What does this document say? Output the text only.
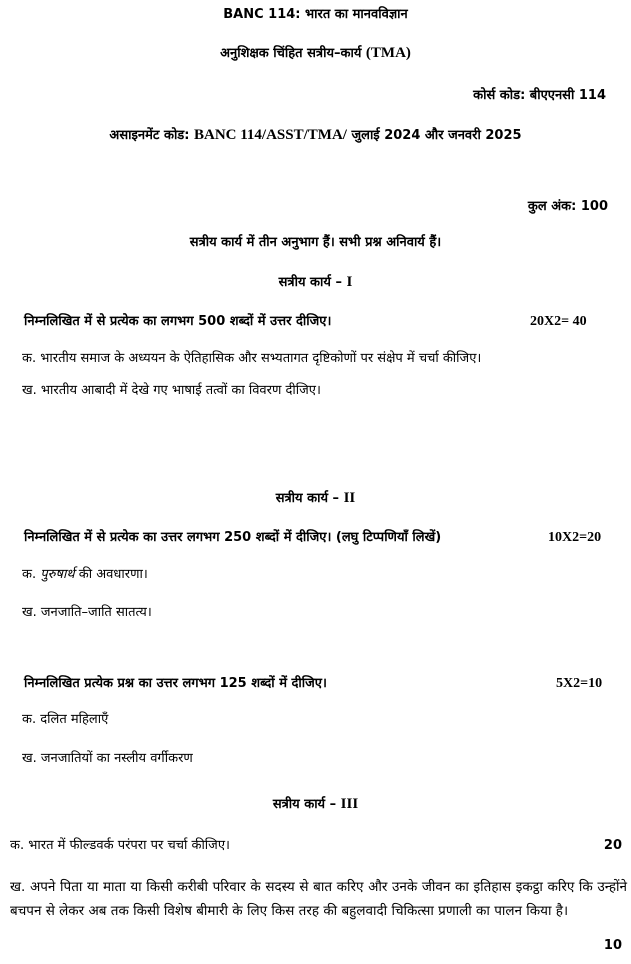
BANC 114: भारत का मानवविज्ञान
अनुशिक्षक चिंहित सत्रीय–कार्य (TMA)
कोर्स कोड: बीएएनसी 114
असाइनमेंट कोड: BANC 114/ASST/TMA/ जुलाई 2024 और जनवरी 2025
कुल अंक: 100
सत्रीय कार्य में तीन अनुभाग हैं। सभी प्रश्न अनिवार्य हैं।
सत्रीय कार्य – I
निम्नलिखित में से प्रत्येक का लगभग 500 शब्दों में उत्तर दीजिए।	20X2= 40
क. भारतीय समाज के अध्ययन के ऐतिहासिक और सभ्यतागत दृष्टिकोणों पर संक्षेप में चर्चा कीजिए।
ख. भारतीय आबादी में देखे गए भाषाई तत्वों का विवरण दीजिए।
सत्रीय कार्य – II
निम्नलिखित में से प्रत्येक का उत्तर लगभग 250 शब्दों में दीजिए। (लघु टिप्पणियाँ लिखें)	10X2=20
क. पुरुषार्थ की अवधारणा।
ख. जनजाति–जाति सातत्य।
निम्नलिखित प्रत्येक प्रश्न का उत्तर लगभग 125 शब्दों में दीजिए।	5X2=10
क. दलित महिलाएँ
ख. जनजातियों का नस्लीय वर्गीकरण
सत्रीय कार्य – III
क. भारत में फील्डवर्क परंपरा पर चर्चा कीजिए।	20
ख. अपने पिता या माता या किसी करीबी परिवार के सदस्य से बात करिए और उनके जीवन का इतिहास इकट्ठा करिए कि उन्होंने बचपन से लेकर अब तक किसी विशेष बीमारी के लिए किस तरह की बहुलवादी चिकित्सा प्रणाली का पालन किया है।
10
